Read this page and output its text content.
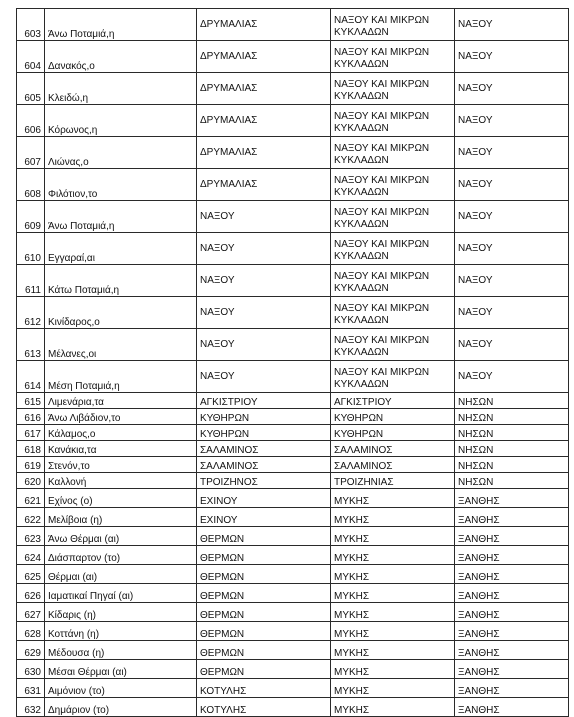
603	Άνω Ποταμιά,η	ΔΡΥΜΑΛΙΑΣ	ΝΑΞΟΥ ΚΑΙ ΜΙΚΡΩΝ ΚΥΚΛΑΔΩΝ	ΝΑΞΟΥ
604	Δανακός,ο	ΔΡΥΜΑΛΙΑΣ	ΝΑΞΟΥ ΚΑΙ ΜΙΚΡΩΝ ΚΥΚΛΑΔΩΝ	ΝΑΞΟΥ
605	Κλειδώ,η	ΔΡΥΜΑΛΙΑΣ	ΝΑΞΟΥ ΚΑΙ ΜΙΚΡΩΝ ΚΥΚΛΑΔΩΝ	ΝΑΞΟΥ
606	Κόρωνος,η	ΔΡΥΜΑΛΙΑΣ	ΝΑΞΟΥ ΚΑΙ ΜΙΚΡΩΝ ΚΥΚΛΑΔΩΝ	ΝΑΞΟΥ
607	Λιώνας,ο	ΔΡΥΜΑΛΙΑΣ	ΝΑΞΟΥ ΚΑΙ ΜΙΚΡΩΝ ΚΥΚΛΑΔΩΝ	ΝΑΞΟΥ
608	Φιλότιον,το	ΔΡΥΜΑΛΙΑΣ	ΝΑΞΟΥ ΚΑΙ ΜΙΚΡΩΝ ΚΥΚΛΑΔΩΝ	ΝΑΞΟΥ
609	Άνω Ποταμιά,η	ΝΑΞΟΥ	ΝΑΞΟΥ ΚΑΙ ΜΙΚΡΩΝ ΚΥΚΛΑΔΩΝ	ΝΑΞΟΥ
610	Εγγαραί,αι	ΝΑΞΟΥ	ΝΑΞΟΥ ΚΑΙ ΜΙΚΡΩΝ ΚΥΚΛΑΔΩΝ	ΝΑΞΟΥ
611	Κάτω Ποταμιά,η	ΝΑΞΟΥ	ΝΑΞΟΥ ΚΑΙ ΜΙΚΡΩΝ ΚΥΚΛΑΔΩΝ	ΝΑΞΟΥ
612	Κινίδαρος,ο	ΝΑΞΟΥ	ΝΑΞΟΥ ΚΑΙ ΜΙΚΡΩΝ ΚΥΚΛΑΔΩΝ	ΝΑΞΟΥ
613	Μέλανες,οι	ΝΑΞΟΥ	ΝΑΞΟΥ ΚΑΙ ΜΙΚΡΩΝ ΚΥΚΛΑΔΩΝ	ΝΑΞΟΥ
614	Μέση Ποταμιά,η	ΝΑΞΟΥ	ΝΑΞΟΥ ΚΑΙ ΜΙΚΡΩΝ ΚΥΚΛΑΔΩΝ	ΝΑΞΟΥ
615	Λιμενάρια,τα	ΑΓΚΙΣΤΡΙΟΥ	ΑΓΚΙΣΤΡΙΟΥ	ΝΗΣΩΝ
616	Άνω Λιβάδιον,το	ΚΥΘΗΡΩΝ	ΚΥΘΗΡΩΝ	ΝΗΣΩΝ
617	Κάλαμος,ο	ΚΥΘΗΡΩΝ	ΚΥΘΗΡΩΝ	ΝΗΣΩΝ
618	Κανάκια,τα	ΣΑΛΑΜΙΝΟΣ	ΣΑΛΑΜΙΝΟΣ	ΝΗΣΩΝ
619	Στενόν,το	ΣΑΛΑΜΙΝΟΣ	ΣΑΛΑΜΙΝΟΣ	ΝΗΣΩΝ
620	Καλλονή	ΤΡΟΙΖΗΝΟΣ	ΤΡΟΙΖΗΝΙΑΣ	ΝΗΣΩΝ
621	Εχίνος (ο)	ΕΧΙΝΟΥ	ΜΥΚΗΣ	ΞΑΝΘΗΣ
622	Μελίβοια (η)	ΕΧΙΝΟΥ	ΜΥΚΗΣ	ΞΑΝΘΗΣ
623	Άνω Θέρμαι (αι)	ΘΕΡΜΩΝ	ΜΥΚΗΣ	ΞΑΝΘΗΣ
624	Διάσπαρτον (το)	ΘΕΡΜΩΝ	ΜΥΚΗΣ	ΞΑΝΘΗΣ
625	Θέρμαι (αι)	ΘΕΡΜΩΝ	ΜΥΚΗΣ	ΞΑΝΘΗΣ
626	Ιαματικαί Πηγαί (αι)	ΘΕΡΜΩΝ	ΜΥΚΗΣ	ΞΑΝΘΗΣ
627	Κίδαρις (η)	ΘΕΡΜΩΝ	ΜΥΚΗΣ	ΞΑΝΘΗΣ
628	Κοττάνη (η)	ΘΕΡΜΩΝ	ΜΥΚΗΣ	ΞΑΝΘΗΣ
629	Μέδουσα (η)	ΘΕΡΜΩΝ	ΜΥΚΗΣ	ΞΑΝΘΗΣ
630	Μέσαι Θέρμαι (αι)	ΘΕΡΜΩΝ	ΜΥΚΗΣ	ΞΑΝΘΗΣ
631	Αιμόνιον (το)	ΚΟΤΥΛΗΣ	ΜΥΚΗΣ	ΞΑΝΘΗΣ
632	Δημάριον (το)	ΚΟΤΥΛΗΣ	ΜΥΚΗΣ	ΞΑΝΘΗΣ
